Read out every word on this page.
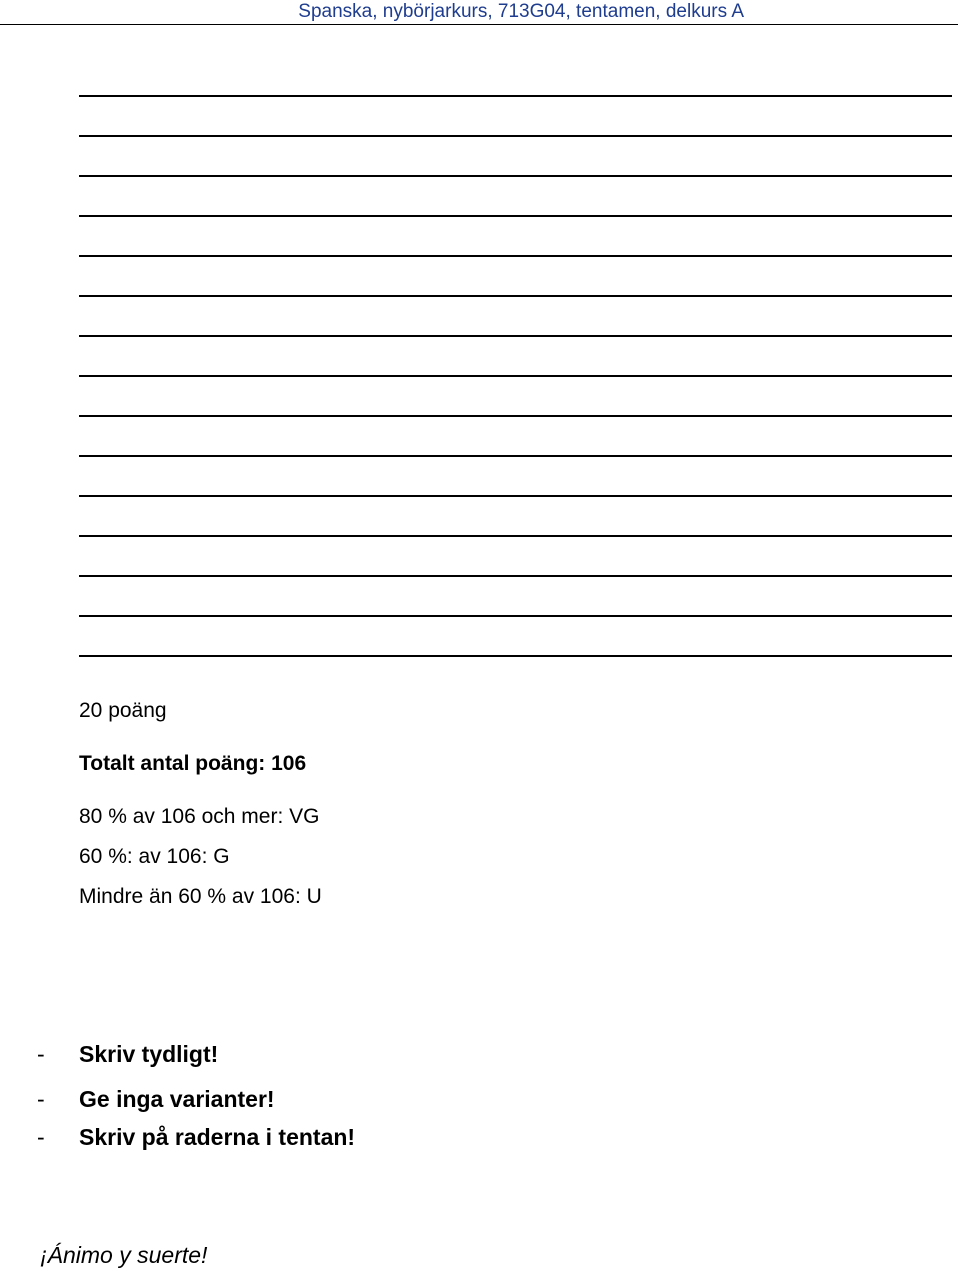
Spanska, nybörjarkurs, 713G04, tentamen, delkurs A
20 poäng
Totalt antal poäng: 106
80 % av 106 och mer: VG
60 %: av 106: G
Mindre än 60 % av 106: U
-	Skriv tydligt!
-	Ge inga varianter!
-	Skriv på raderna i tentan!
¡Ánimo y suerte!
